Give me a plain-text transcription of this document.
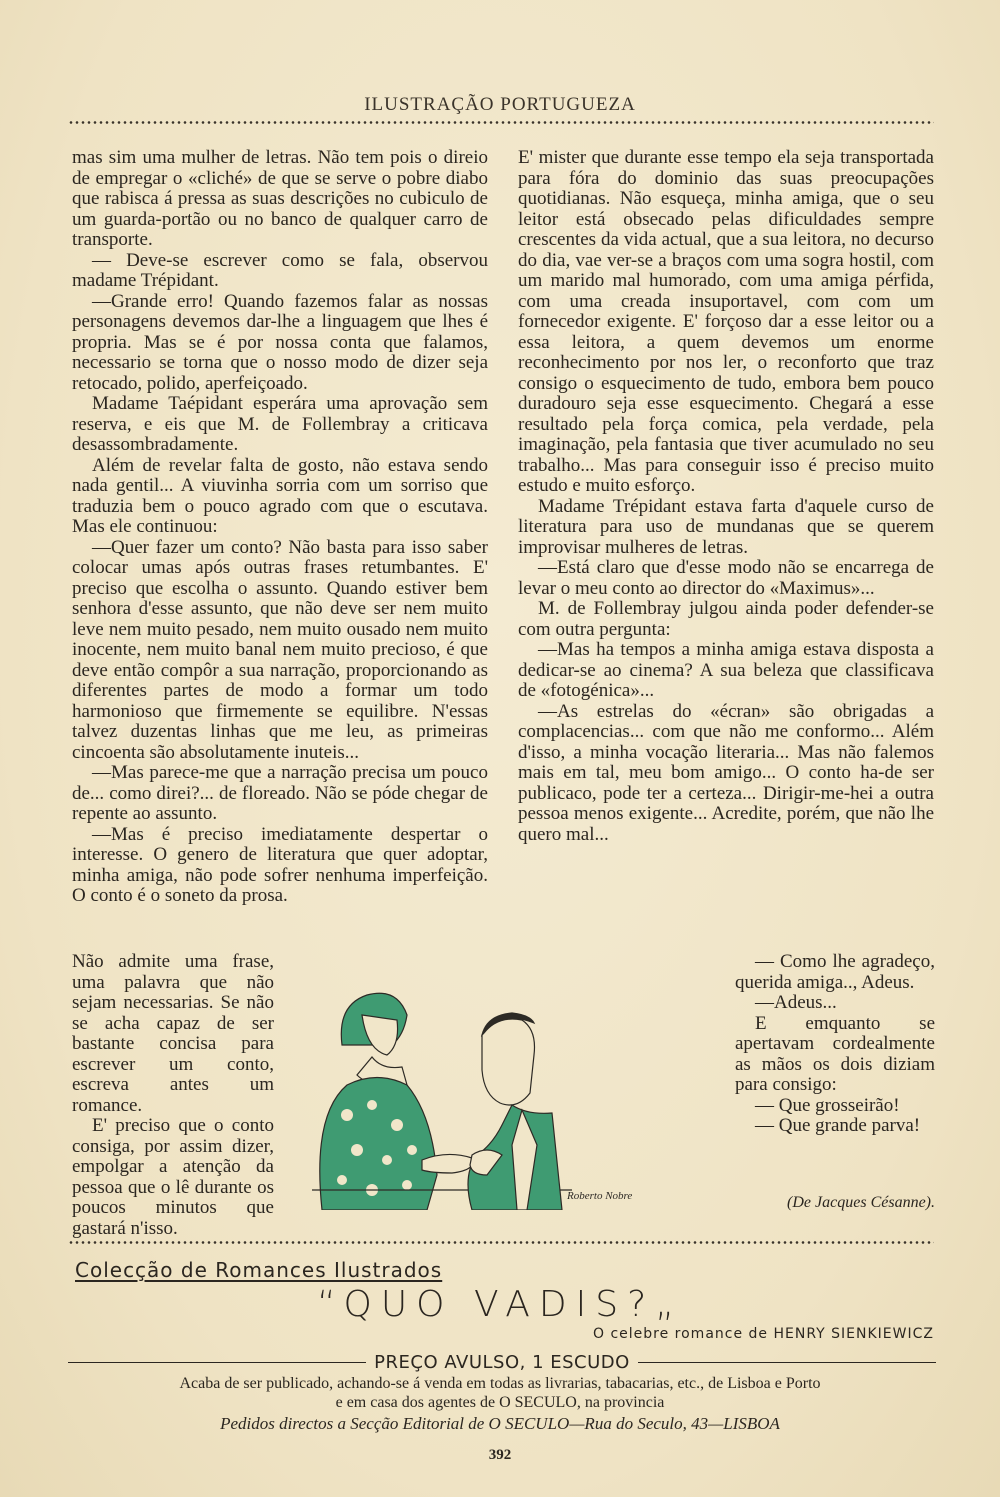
ILUSTRAÇÃO PORTUGUEZA

mas sim uma mulher de letras. Não tem pois o direio de empregar o «cliché» de que se serve o pobre diabo que rabisca á pressa as suas descrições no cubiculo de um guarda-portão ou no banco de qualquer carro de transporte.

— Deve-se escrever como se fala, observou madame Trépidant.

—Grande erro! Quando fazemos falar as nossas personagens devemos dar-lhe a linguagem que lhes é propria. Mas se é por nossa conta que falamos, necessario se torna que o nosso modo de dizer seja retocado, polido, aperfeiçoado.

Madame Taépidant esperára uma aprovação sem reserva, e eis que M. de Follembray a criticava desassombradamente.

Além de revelar falta de gosto, não estava sendo nada gentil... A viuvinha sorria com um sorriso que traduzia bem o pouco agrado com que o escutava. Mas ele continuou:

—Quer fazer um conto? Não basta para isso saber colocar umas após outras frases retumbantes. E' preciso que escolha o assunto. Quando estiver bem senhora d'esse assunto, que não deve ser nem muito leve nem muito pesado, nem muito ousado nem muito inocente, nem muito banal nem muito precioso, é que deve então compôr a sua narração, proporcionando as diferentes partes de modo a formar um todo harmonioso que firmemente se equilibre. N'essas talvez duzentas linhas que me leu, as primeiras cincoenta são absolutamente inuteis...

—Mas parece-me que a narração precisa um pouco de... como direi?... de floreado. Não se póde chegar de repente ao assunto.

—Mas é preciso imediatamente despertar o interesse. O genero de literatura que quer adoptar, minha amiga, não pode sofrer nenhuma imperfeição. O conto é o soneto da prosa.

E' mister que durante esse tempo ela seja transportada para fóra do dominio das suas preocupações quotidianas. Não esqueça, minha amiga, que o seu leitor está obsecado pelas dificuldades sempre crescentes da vida actual, que a sua leitora, no decurso do dia, vae ver-se a braços com uma sogra hostil, com um marido mal humorado, com uma amiga pérfida, com uma creada insuportavel, com com um fornecedor exigente. E' forçoso dar a esse leitor ou a essa leitora, a quem devemos um enorme reconhecimento por nos ler, o reconforto que traz consigo o esquecimento de tudo, embora bem pouco duradouro seja esse esquecimento. Chegará a esse resultado pela força comica, pela verdade, pela imaginação, pela fantasia que tiver acumulado no seu trabalho... Mas para conseguir isso é preciso muito estudo e muito esforço.

Madame Trépidant estava farta d'aquele curso de literatura para uso de mundanas que se querem improvisar mulheres de letras.

—Está claro que d'esse modo não se encarrega de levar o meu conto ao director do «Maximus»...

M. de Follembray julgou ainda poder defender-se com outra pergunta:

—Mas ha tempos a minha amiga estava disposta a dedicar-se ao cinema? A sua beleza que classificava de «fotogénica»...

—As estrelas do «écran» são obrigadas a complacencias... com que não me conformo... Além d'isso, a minha vocação literaria... Mas não falemos mais em tal, meu bom amigo... O conto ha-de ser publicaco, pode ter a certeza... Dirigir-me-hei a outra pessoa menos exigente... Acredite, porém, que não lhe quero mal...

Não admite uma frase, uma palavra que não sejam necessarias. Se não se acha capaz de ser bastante concisa para escrever um conto, escreva antes um romance.

E' preciso que o conto consiga, por assim dizer, empolgar a atenção da pessoa que o lê durante os poucos minutos que gastará n'isso.

— Como lhe agradeço, querida amiga.., Adeus.

—Adeus...

E emquanto se apertavam cordealmente as mãos os dois diziam para consigo:

— Que grosseirão!

— Que grande parva!

(De Jacques Césanne).
Roberto Nobre
Colecção de Romances Ilustrados
“QUO VADIS?„
O celebre romance de HENRY SIENKIEWICZ
PREÇO AVULSO, 1 ESCUDO
Acaba de ser publicado, achando-se á venda em todas as livrarias, tabacarias, etc., de Lisboa e Porto
e em casa dos agentes de O SECULO, na provincia
Pedidos directos a Secção Editorial de O SECULO—Rua do Seculo, 43—LISBOA
392
